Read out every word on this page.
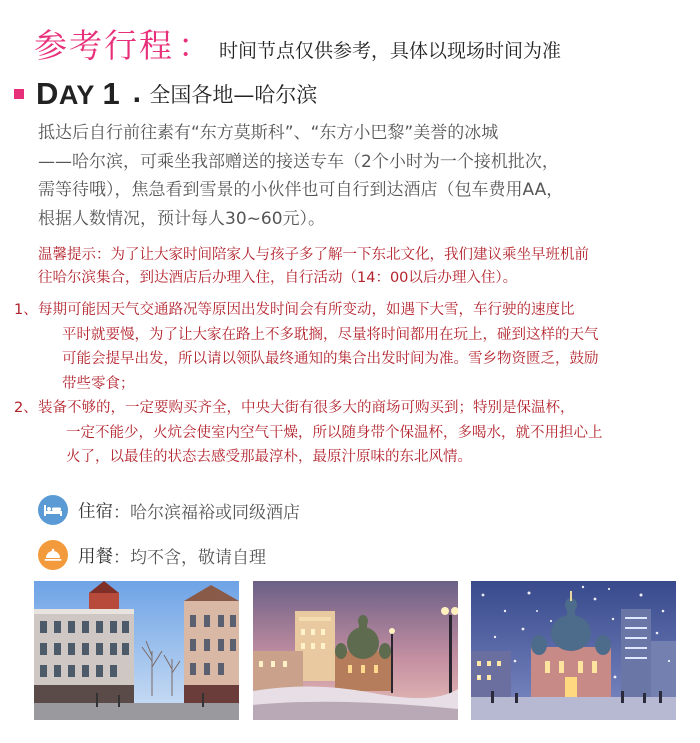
参考行程 ： 时间节点仅供参考，具体以现场时间为准
DAY 1 . 全国各地—哈尔滨

抵达后自行前往素有“东方莫斯科”、“东方小巴黎”美誉的冰城

——哈尔滨，可乘坐我部赠送的接送专车（2个小时为一个接机批次，

需等待哦），焦急看到雪景的小伙伴也可自行到达酒店（包车费用AA，

根据人数情况，预计每人30~60元）。

温馨提示：为了让大家时间陪家人与孩子多了解一下东北文化，我们建议乘坐早班机前

往哈尔滨集合，到达酒店后办理入住，自行活动（14：00以后办理入住）。

1、 每期可能因天气交通路况等原因出发时间会有所变动，如遇下大雪，车行驶的速度比
平时就要慢，为了让大家在路上不多耽搁，尽量将时间都用在玩上，碰到这样的天气
可能会提早出发，所以请以领队最终通知的集合出发时间为准。雪乡物资匮乏，鼓励
带些零食；
2、 装备不够的，一定要购买齐全，中央大街有很多大的商场可购买到；特别是保温杯，
一定不能少，火炕会使室内空气干燥，所以随身带个保温杯，多喝水，就不用担心上
火了，以最佳的状态去感受那最淳朴，最原汁原味的东北风情。
住宿 ： 哈尔滨福裕或同级酒店
用餐 ： 均不含，敬请自理
